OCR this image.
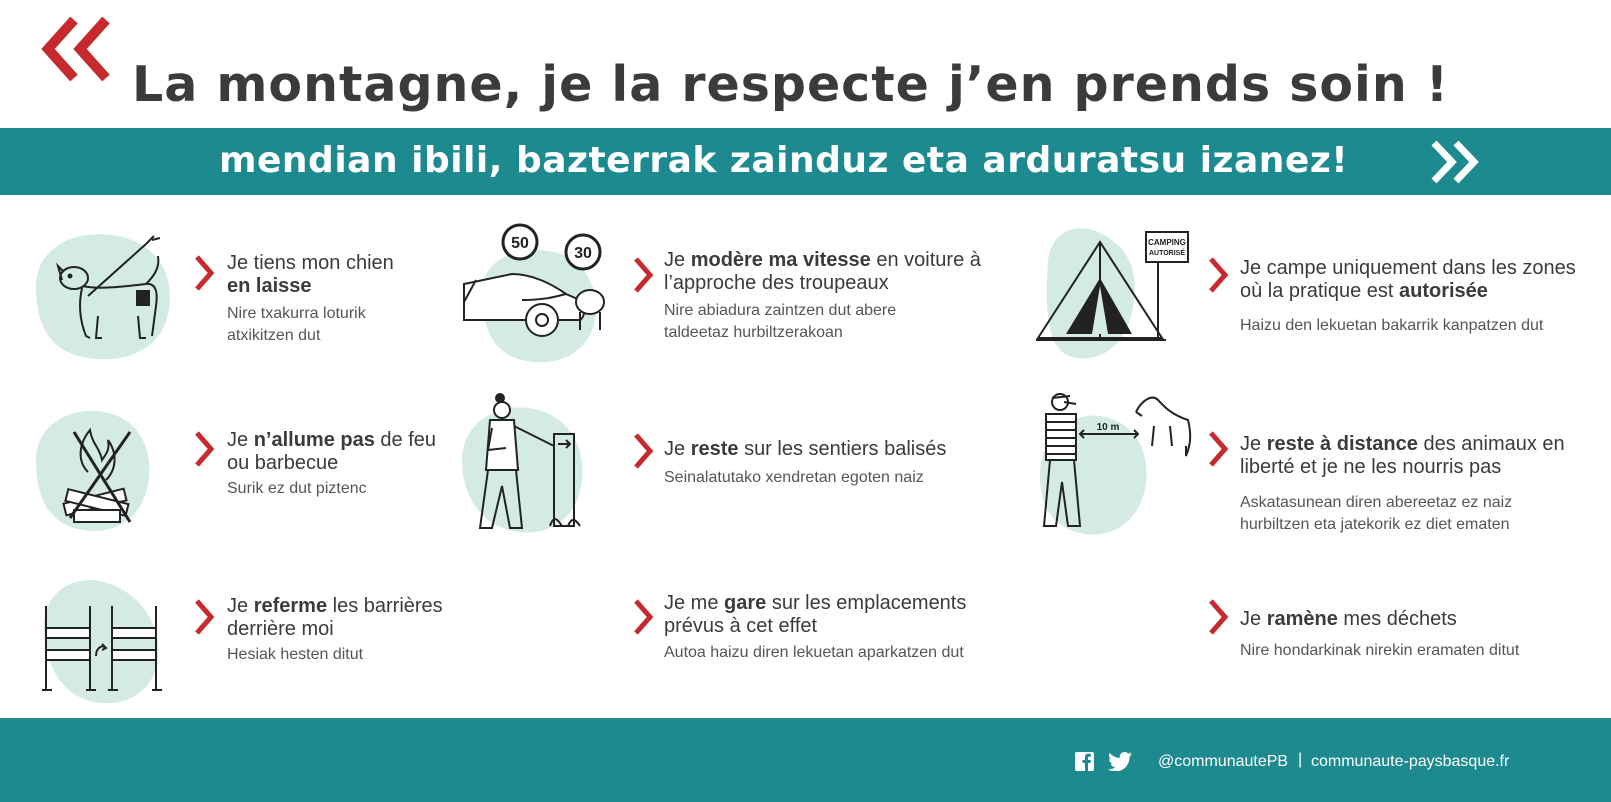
La montagne, je la respecte j’en prends soin !
mendian ibili, bazterrak zainduz eta arduratsu izanez!
Je tiens mon chien
en laisse
Nire txakurra loturik atxikitzen dut
50
30	Je modère ma vitesse en voiture à l’approche des troupeaux
Nire abiadura zaintzen dut abere taldeetaz hurbiltzerakoan
CAMPING
AUTORISÉ
Je campe uniquement dans les zones où la pratique est autorisée
Haizu den lekuetan bakarrik kanpatzen dut
Je n’allume pas de feu ou barbecue
Surik ez dut piztenc
Je reste sur les sentiers balisés
Seinalatutako xendretan egoten naiz
10 m
Je reste à distance des animaux en liberté et je ne les nourris pas
Askatasunean diren abereetaz ez naiz hurbiltzen eta jatekorik ez diet ematen
Je referme les barrières derrière moi
Hesiak hesten ditut
Je me gare sur les emplacements prévus à cet effet
Autoa haizu diren lekuetan aparkatzen dut
Je ramène mes déchets
Nire hondarkinak nirekin eramaten ditut
@communautePB | communaute-paysbasque.fr
